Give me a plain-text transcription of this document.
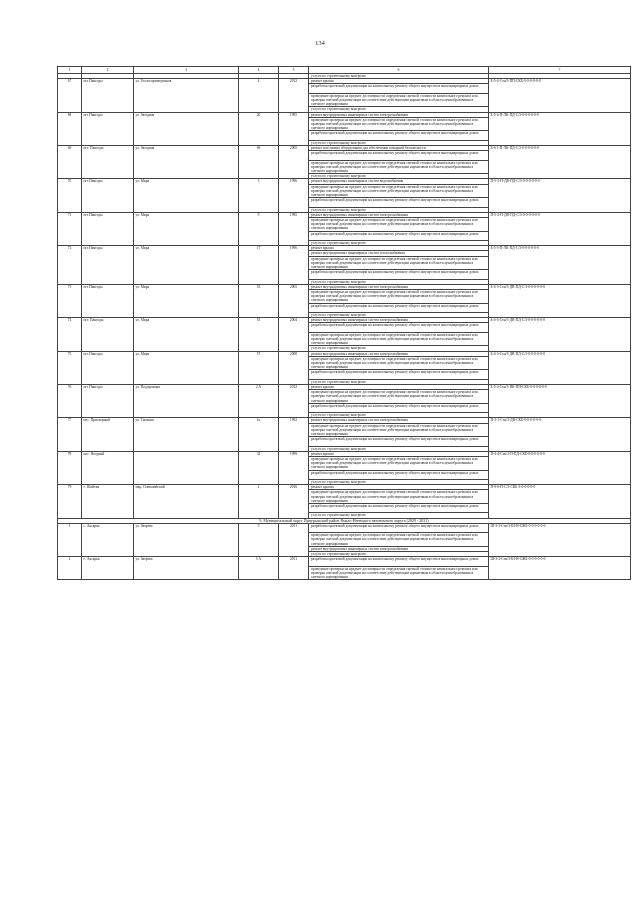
134
1	2	3	4	5	6	7
					услуги по строительному контролю	
67	пгт.Пангоды	ул. Геологоразведчиков	4	2012	ремонт крыши	Б-5-4-Стн/3-ПП-СКБ-0-0-0-0-0-0
					разработка проектной документации на капитальному ремонту общего имущества в многоквартирных домах	
					проведение проверки на предмет достоверности определения сметной стоимости капитального ремонта или проверка сметной документации на соответствие действующим нормативам в области ценообразования в сметного нормирования	
					услуги по строительному контролю	
68	пгт.Пангоды	ул. Звездная	20	1995	ремонт внутридомовых инженерных систем электроснабжения	Б-5-4-П-ЛК-ПД-С/3-0-0-0-0-0-0
					проведение проверки на предмет достоверности определения сметной стоимости капитального ремонта или проверка сметной документации на соответствие действующим нормативам в области ценообразования в сметного нормирования	
					разработка проектной документации на капитальному ремонту общего имущества в многоквартирных домах	
					услуги по строительному контролю	
69	пгт. Пангоды	ул. Звездная	69	2005	ремонт или замена оборудования для обеспечения пожарной безопасности	Б-6-1-П-ЛК-ПД-С/3-0-0-0-0-0-0
					разработка проектной документации на капитальному ремонту общего имущества в многоквартирных домах	
					проведение проверки на предмет достоверности определения сметной стоимости капитального ремонта или проверка сметной документации на соответствие действующим нормативам в области ценообразования в сметного нормирования	
					услуги по строительному контролю	
70	пгт.Пангоды	ул. Мира	3	1996	ремонт внутридомовых инженерных систем водоснабжения	П-5-2-П-ДВ-ПД-С/3-0-0-0-0-0-0
					проведение проверки на предмет достоверности определения сметной стоимости капитального ремонта или проверка сметной документации на соответствие действующим нормативам в области ценообразования в сметного нормирования	
					разработка проектной документации на капитальному ремонту общего имущества в многоквартирных домах	
					услуги по строительному контролю	
71	пгт.Пангоды	ул. Мира	9	1995	ремонт внутридомовых инженерных систем электроснабжения	П-5-2-П-ДВ-ПД-С/3-0-0-0-0-0-0
					проведение проверки на предмет достоверности определения сметной стоимости капитального ремонта или проверка сметной документации на соответствие действующим нормативам в области ценообразования в сметного нормирования	
					разработка проектной документации на капитальному ремонту общего имущества в многоквартирных домах	
					услуги по строительному контролю	
72	пгт.Пангоды	ул. Мира	17	1996	ремонт крыши	Б-5-3-П-ЛК-ПД-С/3-0-0-0-0-0-0
					ремонт внутридомовых инженерных систем теплоснабжения	
					проведение проверки на предмет достоверности определения сметной стоимости капитального ремонта или проверка сметной документации на соответствие действующим нормативам в области ценообразования в сметного нормирования	
					разработка проектной документации на капитальному ремонту общего имущества в многоквартирных домах	
					услуги по строительному контролю	
73	пгт.Пангоды	ул. Мира	53	2005	ремонт внутридомовых инженерных систем электроснабжения	Б-4-3-Стн/3-ДВ-ПД-С/3-0-0-0-0-0-0
					проведение проверки на предмет достоверности определения сметной стоимости капитального ремонта или проверка сметной документации на соответствие действующим нормативам в области ценообразования в сметного нормирования	
					разработка проектной документации на капитальному ремонту общего имущества в многоквартирных домах	
					услуги по строительному контролю	
74	пгт. Пангоды	ул. Мира	55	2004	ремонт внутридомовых инженерных систем электроснабжения	Б-4-3-Стн/3-ДВ-ПД-С/3-0-0-0-0-0-0
					разработка проектной документации на капитальному ремонту общего имущества в многоквартирных домах	
					проведение проверки на предмет достоверности определения сметной стоимости капитального ремонта или проверка сметной документации на соответствие действующим нормативам в области ценообразования в сметного нормирования	
					услуги по строительному контролю	
75	пгт.Пангоды	ул. Мира	57	2008	ремонт внутридомовых инженерных систем электроснабжения	Б-4-3-Стн/3-ДВ-ПД-С/3-0-0-0-0-0-0
					проведение проверки на предмет достоверности определения сметной стоимости капитального ремонта или проверка сметной документации на соответствие действующим нормативам в области ценообразования в сметного нормирования	
					разработка проектной документации на капитальному ремонту общего имущества в многоквартирных домах	
					услуги по строительному контролю	
76	пгт.Пангоды	ул. Подорожная	2 А	2012	ремонт крыши	Б-5-4-Стн/3-ПК-ПП-СКБ-0-0-0-0-0-0
					проведение проверки на предмет достоверности определения сметной стоимости капитального ремонта или проверка сметной документации на соответствие действующим нормативам в области ценообразования в сметного нормирования	
					разработка проектной документации на капитальному ремонту общего имущества в многоквартирных домах	
					услуги по строительному контролю	
77	пос. Приозерный	ул. Таежная	1к	1992	ремонт внутридомовых инженерных систем электроснабжения	П-3-1-Стн/3-ДВ-СКБ-0-0-0-0-0-0
					проведение проверки на предмет достоверности определения сметной стоимости капитального ремонта или проверка сметной документации на соответствие действующим нормативам в области ценообразования в сметного нормирования	
					разработка проектной документации на капитальному ремонту общего имущества в многоквартирных домах	
					услуги по строительному контролю	
78	пос. Ягодный		32	1999	ремонт крыши	П-4-4-Стн/3-П-ПД-СКБ-0-0-0-0-0-0
					проведение проверки на предмет достоверности определения сметной стоимости капитального ремонта или проверка сметной документации на соответствие действующим нормативам в области ценообразования в сметного нормирования	
					разработка проектной документации на капитальному ремонту общего имущества в многоквартирных домах	
					услуги по строительному контролю	
79	с. Шайтан	мкр. Олимпийский	2	2016	ремонт крыши	П-9-6-П-С/3-СКБ-3-0-0-0-0-0
					проведение проверки на предмет достоверности определения сметной стоимости капитального ремонта или проверка сметной документации на соответствие действующим нормативам в области ценообразования в сметного нормирования	
					разработка проектной документации на капитальному ремонту общего имущества в многоквартирных домах	
					услуги по строительному контролю	
9. Муниципальный округ Приуральский район Ямало-Ненецкого автономного округа (2029 - 2031)						
1	с. Аксарка	ул. Зверева	5	2011	разработка проектной документации на капитальному ремонту общего имущества в многоквартирных домах	Ш-3-2-Стн/3-Ш-Н-СЖБ-0-0-0-0-0-0
					проведение проверки на предмет достоверности определения сметной стоимости капитального ремонта или проверка сметной документации на соответствие действующим нормативам в области ценообразования в сметного нормирования	
					ремонт внутридомовых инженерных систем электроснабжения	
					услуги по строительному контролю	
2	с. Аксарка	ул. Зверева	5 А	2011	разработка проектной документации на капитальному ремонту общего имущества в многоквартирных домах	Ш-3-2-Стн/3-Ш-Н-СЖБ-0-0-0-0-0-0
					проведение проверки на предмет достоверности определения сметной стоимости капитального ремонта или проверка сметной документации на соответствие действующим нормативам в области ценообразования в сметного нормирования	
